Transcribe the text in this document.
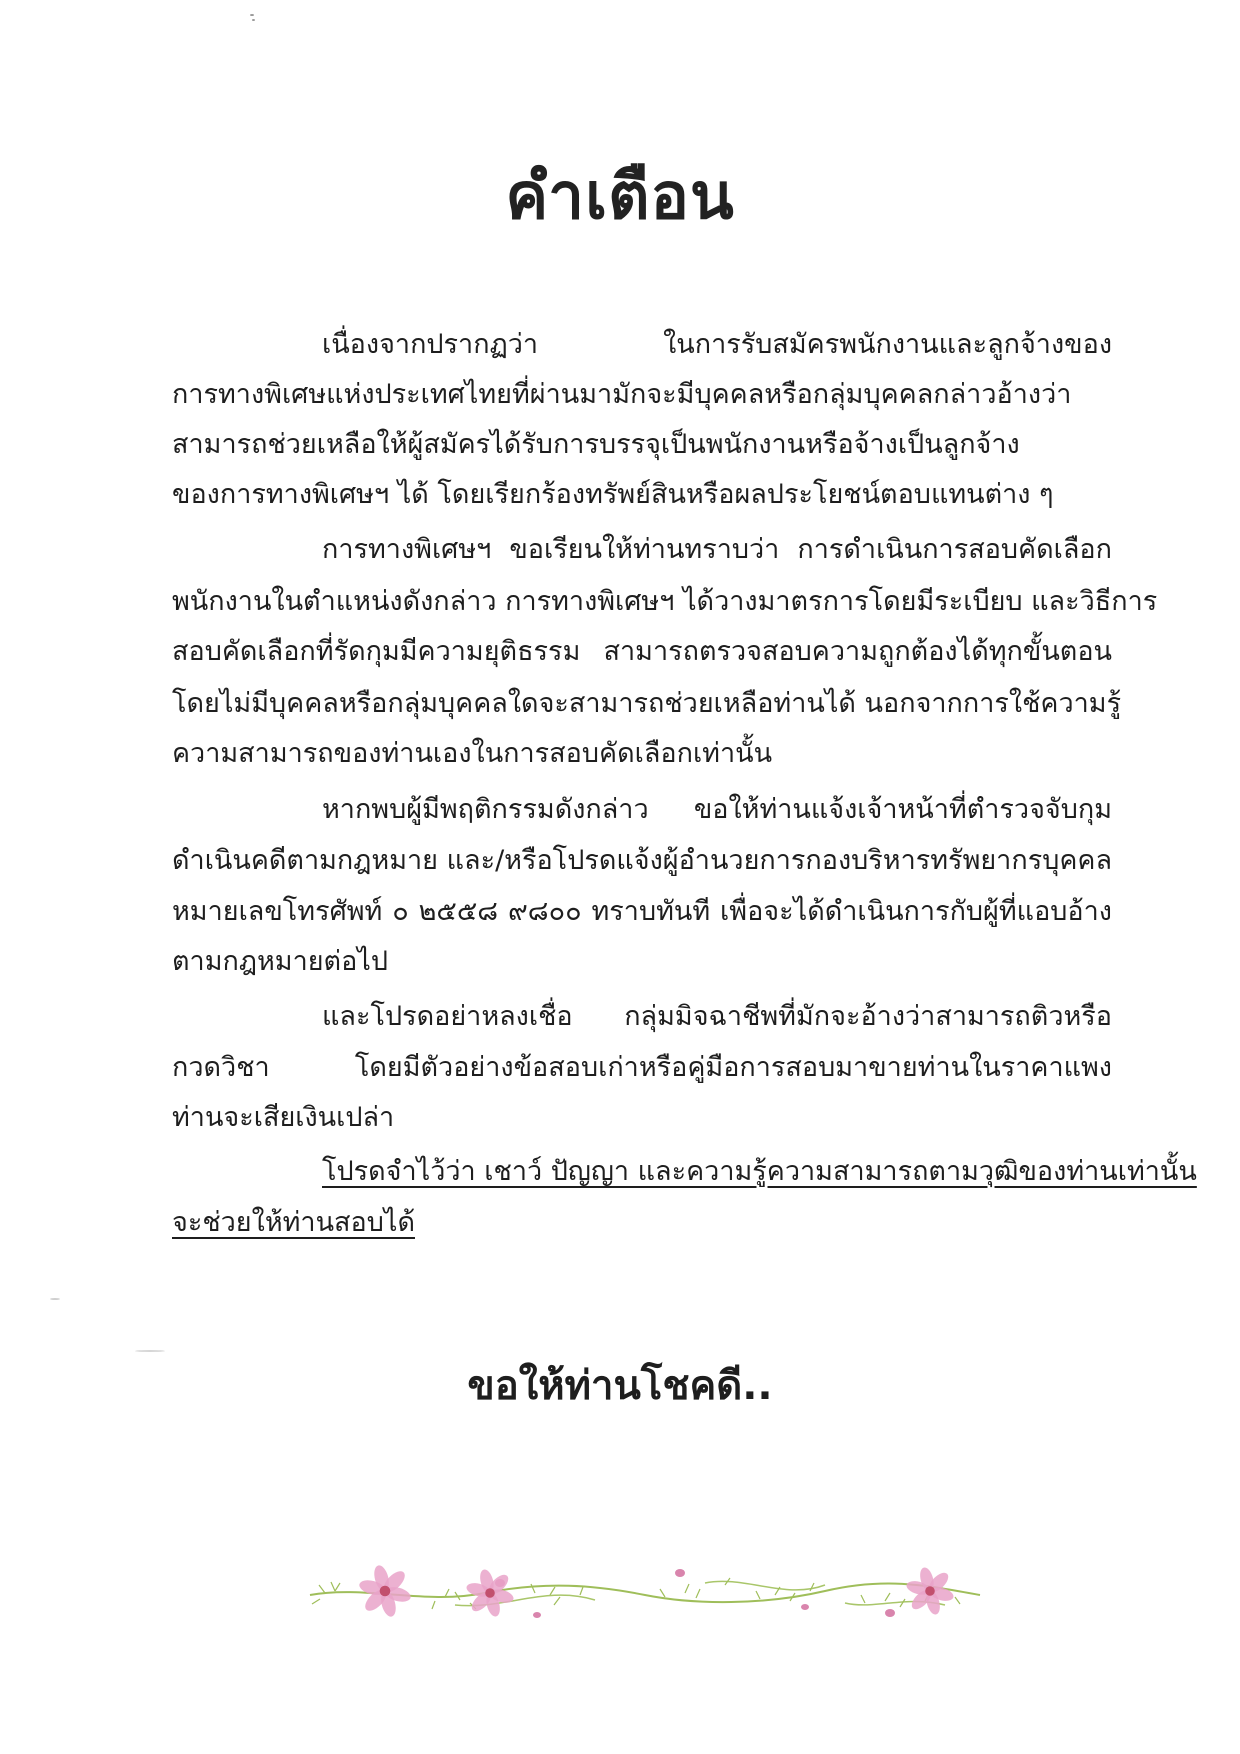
คำเตือน
เนื่องจากปรากฏว่า ในการรับสมัครพนักงานและลูกจ้างของ
การทางพิเศษแห่งประเทศไทยที่ผ่านมามักจะมีบุคคลหรือกลุ่มบุคคลกล่าวอ้างว่า
สามารถช่วยเหลือให้ผู้สมัครได้รับการบรรจุเป็นพนักงานหรือจ้างเป็นลูกจ้าง
ของการทางพิเศษฯ ได้ โดยเรียกร้องทรัพย์สินหรือผลประโยชน์ตอบแทนต่าง ๆ
การทางพิเศษฯ ขอเรียนให้ท่านทราบว่า การดำเนินการสอบคัดเลือก
พนักงานในตำแหน่งดังกล่าว การทางพิเศษฯ ได้วางมาตรการโดยมีระเบียบ และวิธีการ
สอบคัดเลือกที่รัดกุมมีความยุติธรรม สามารถตรวจสอบความถูกต้องได้ทุกขั้นตอน
โดยไม่มีบุคคลหรือกลุ่มบุคคลใดจะสามารถช่วยเหลือท่านได้ นอกจากการใช้ความรู้
ความสามารถของท่านเองในการสอบคัดเลือกเท่านั้น
หากพบผู้มีพฤติกรรมดังกล่าว ขอให้ท่านแจ้งเจ้าหน้าที่ตำรวจจับกุม
ดำเนินคดีตามกฎหมาย และ/หรือโปรดแจ้งผู้อำนวยการกองบริหารทรัพยากรบุคคล
หมายเลขโทรศัพท์ ๐ ๒๕๕๘ ๙๘๐๐ ทราบทันที เพื่อจะได้ดำเนินการกับผู้ที่แอบอ้าง
ตามกฎหมายต่อไป
และโปรดอย่าหลงเชื่อ กลุ่มมิจฉาชีพที่มักจะอ้างว่าสามารถติวหรือ
กวดวิชา โดยมีตัวอย่างข้อสอบเก่าหรือคู่มือการสอบมาขายท่านในราคาแพง
ท่านจะเสียเงินเปล่า
โปรดจำไว้ว่า เชาว์ ปัญญา และความรู้ความสามารถตามวุฒิของท่านเท่านั้น
จะช่วยให้ท่านสอบได้
ขอให้ท่านโชคดี..
